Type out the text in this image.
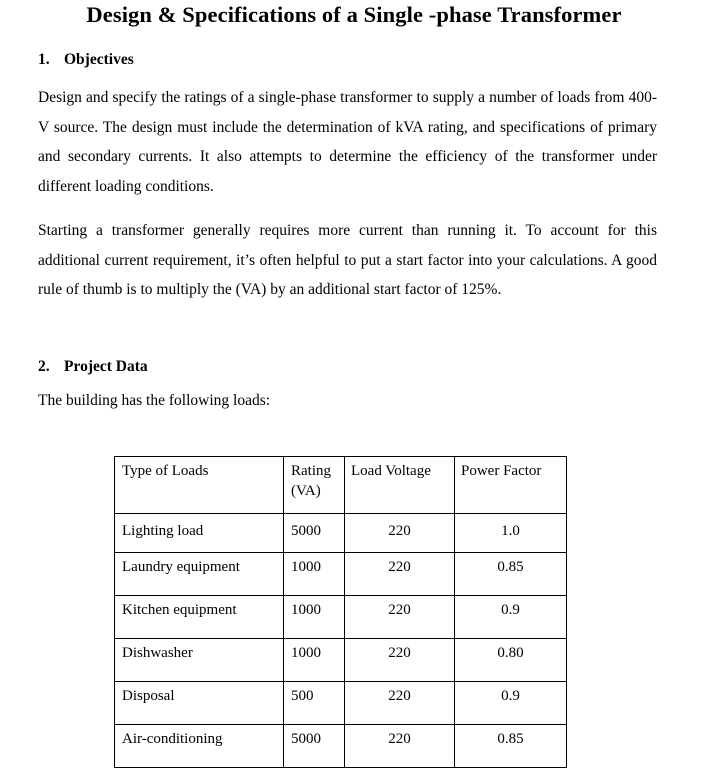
Design & Specifications of a Single -phase Transformer
1. Objectives
Design and specify the ratings of a single-phase transformer to supply a number of loads from 400-V source. The design must include the determination of kVA rating, and specifications of primary and secondary currents. It also attempts to determine the efficiency of the transformer under different loading conditions.
Starting a transformer generally requires more current than running it. To account for this additional current requirement, it’s often helpful to put a start factor into your calculations. A good rule of thumb is to multiply the (VA) by an additional start factor of 125%.
2. Project Data
The building has the following loads:
Type of Loads	Rating (VA)	Load Voltage	Power Factor
Lighting load	5000	220	1.0
Laundry equipment	1000	220	0.85
Kitchen equipment	1000	220	0.9
Dishwasher	1000	220	0.80
Disposal	500	220	0.9
Air-conditioning	5000	220	0.85
